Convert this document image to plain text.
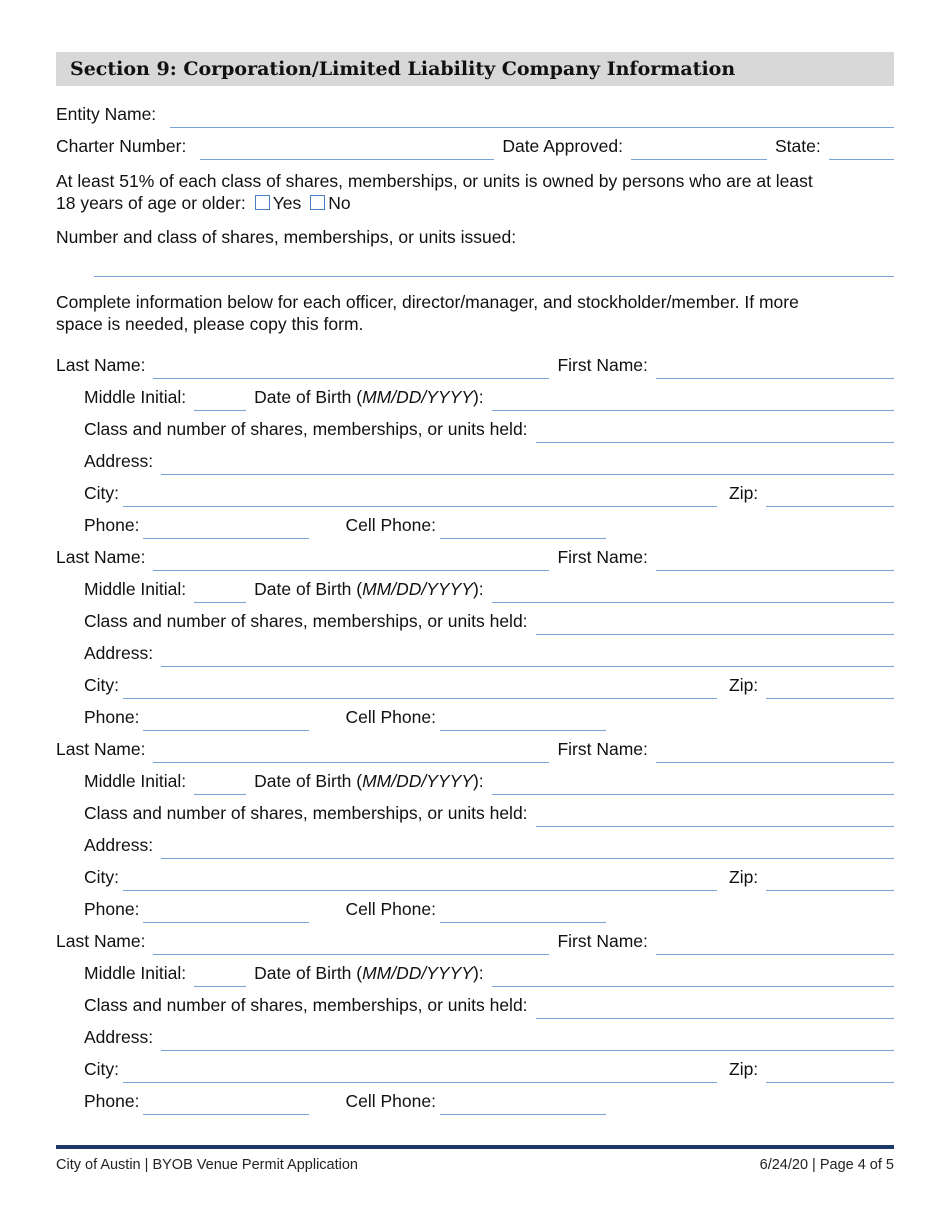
Section 9: Corporation/Limited Liability Company Information
Entity Name:
Charter Number:	Date Approved:	State:
At least 51% of each class of shares, memberships, or units is owned by persons who are at least
18 years of age or older: Yes No
Number and class of shares, memberships, or units issued:
Complete information below for each officer, director/manager, and stockholder/member. If more
space is needed, please copy this form.
Last Name:	First Name:
Middle Initial:	Date of Birth (MM/DD/YYYY):
Class and number of shares, memberships, or units held:
Address:
City:	Zip:
Phone:	Cell Phone:
Last Name:	First Name:
Middle Initial:	Date of Birth (MM/DD/YYYY):
Class and number of shares, memberships, or units held:
Address:
City:	Zip:
Phone:	Cell Phone:
Last Name:	First Name:
Middle Initial:	Date of Birth (MM/DD/YYYY):
Class and number of shares, memberships, or units held:
Address:
City:	Zip:
Phone:	Cell Phone:
Last Name:	First Name:
Middle Initial:	Date of Birth (MM/DD/YYYY):
Class and number of shares, memberships, or units held:
Address:
City:	Zip:
Phone:	Cell Phone:
City of Austin | BYOB Venue Permit Application	6/24/20 | Page 4 of 5
